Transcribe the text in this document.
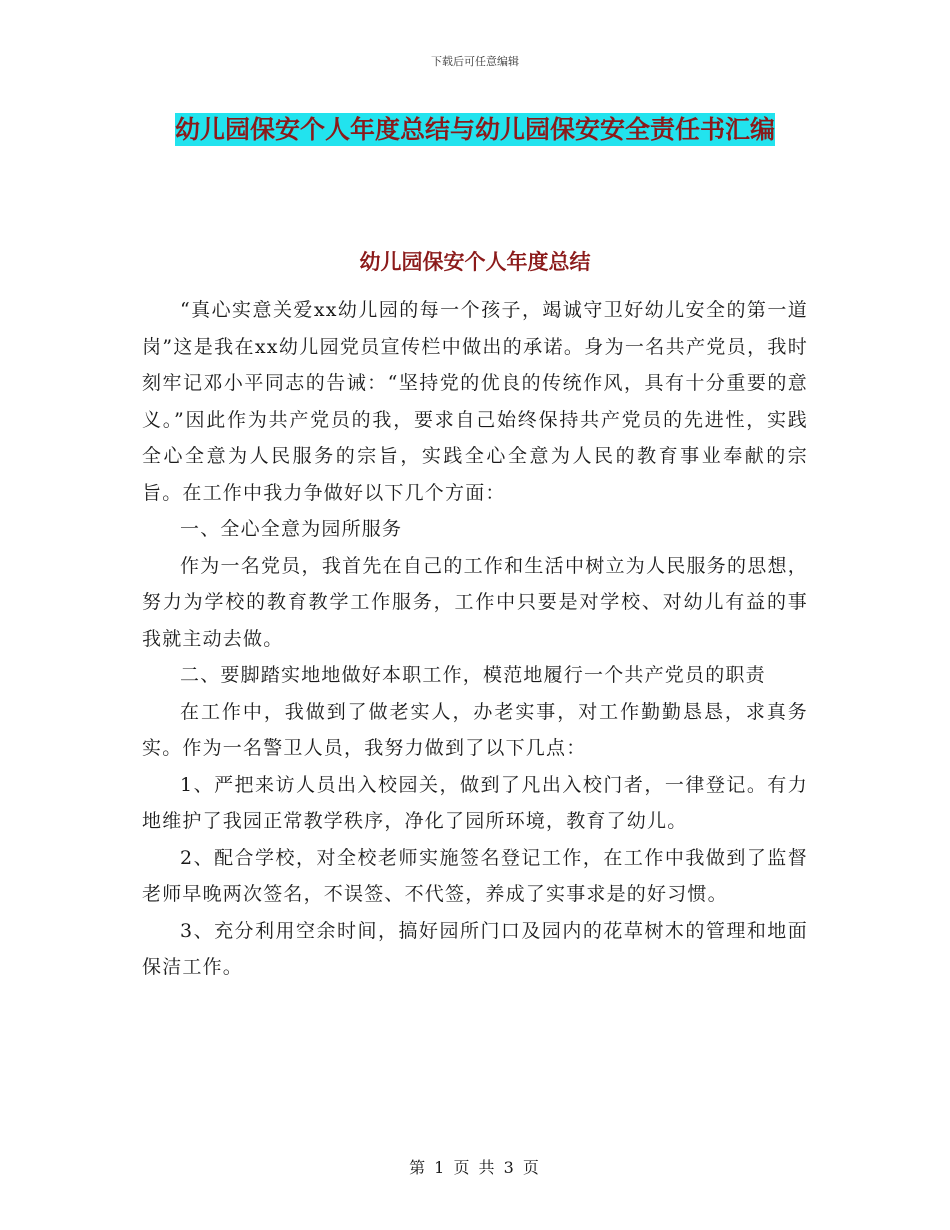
下载后可任意编辑
幼儿园保安个人年度总结与幼儿园保安安全责任书汇编
幼儿园保安个人年度总结

“真心实意关爱xx幼儿园的每一个孩子，竭诚守卫好幼儿安全的第一道岗”这是我在xx幼儿园党员宣传栏中做出的承诺。身为一名共产党员，我时刻牢记邓小平同志的告诫：“坚持党的优良的传统作风，具有十分重要的意义。”因此作为共产党员的我，要求自己始终保持共产党员的先进性，实践全心全意为人民服务的宗旨，实践全心全意为人民的教育事业奉献的宗旨。在工作中我力争做好以下几个方面：

一、全心全意为园所服务

作为一名党员，我首先在自己的工作和生活中树立为人民服务的思想，努力为学校的教育教学工作服务，工作中只要是对学校、对幼儿有益的事我就主动去做。

二、要脚踏实地地做好本职工作，模范地履行一个共产党员的职责

在工作中，我做到了做老实人，办老实事，对工作勤勤恳恳，求真务实。作为一名警卫人员，我努力做到了以下几点：

1、严把来访人员出入校园关，做到了凡出入校门者，一律登记。有力地维护了我园正常教学秩序，净化了园所环境，教育了幼儿。

2、配合学校，对全校老师实施签名登记工作，在工作中我做到了监督老师早晚两次签名，不误签、不代签，养成了实事求是的好习惯。

3、充分利用空余时间，搞好园所门口及园内的花草树木的管理和地面保洁工作。

第 1 页 共 3 页
